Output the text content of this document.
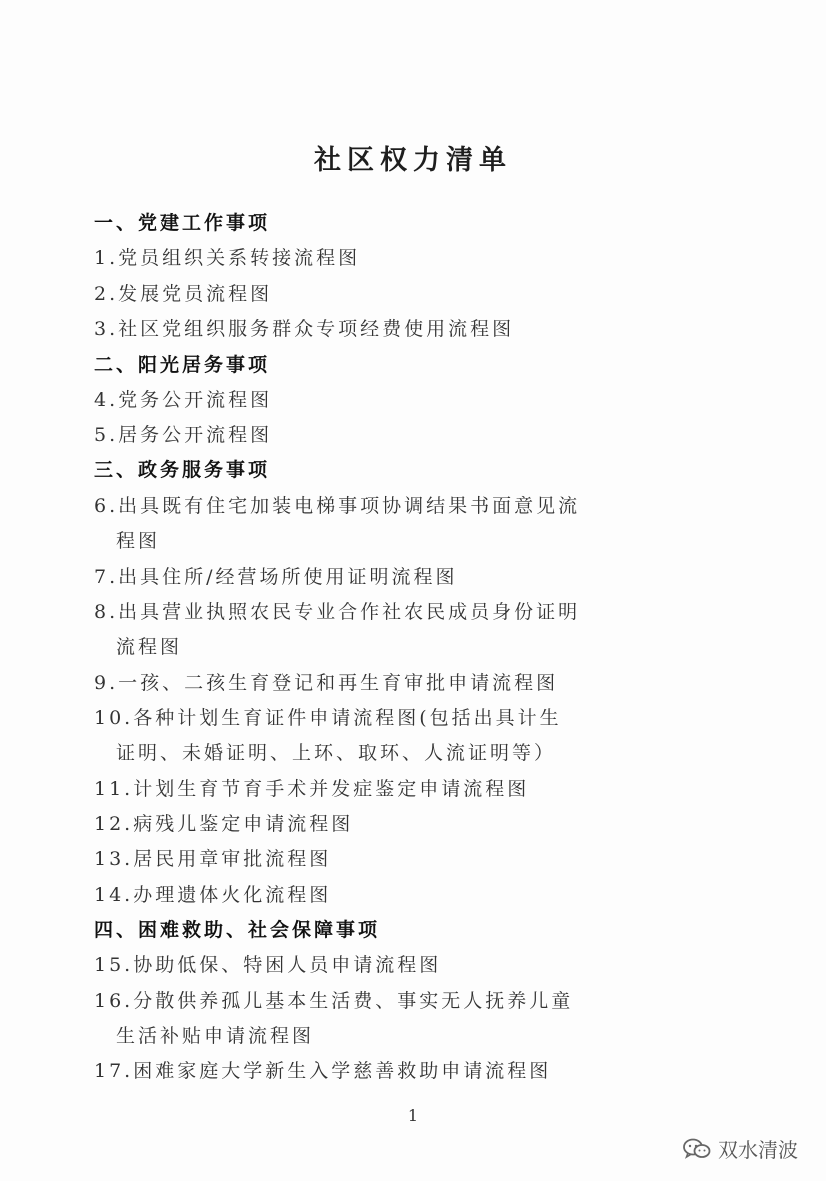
社区权力清单
一、党建工作事项
1.党员组织关系转接流程图
2.发展党员流程图
3.社区党组织服务群众专项经费使用流程图
二、阳光居务事项
4.党务公开流程图
5.居务公开流程图
三、政务服务事项
6.出具既有住宅加装电梯事项协调结果书面意见流
程图
7.出具住所/经营场所使用证明流程图
8.出具营业执照农民专业合作社农民成员身份证明
流程图
9.一孩、二孩生育登记和再生育审批申请流程图
10.各种计划生育证件申请流程图(包括出具计生
证明、未婚证明、上环、取环、人流证明等）
11.计划生育节育手术并发症鉴定申请流程图
12.病残儿鉴定申请流程图
13.居民用章审批流程图
14.办理遗体火化流程图
四、困难救助、社会保障事项
15.协助低保、特困人员申请流程图
16.分散供养孤儿基本生活费、事实无人抚养儿童
生活补贴申请流程图
17.困难家庭大学新生入学慈善救助申请流程图
1
双水清波
